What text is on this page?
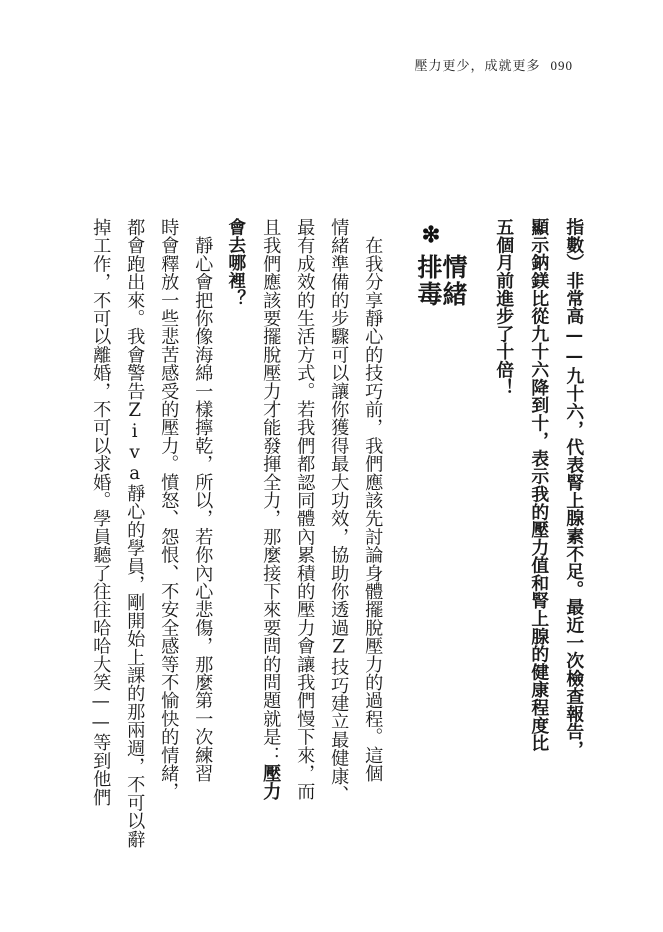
壓力更少，成就更多 090
指數）非常高——九十六，代表腎上腺素不足。最近一次檢查報告，
顯示鈉鎂比從九十六降到十，表示我的壓力值和腎上腺的健康程度比
五個月前進步了十倍！
❇
情緒排毒
　在我分享靜心的技巧前，我們應該先討論身體擺脫壓力的過程。這個
情緒準備的步驟可以讓你獲得最大功效，協助你透過Z技巧建立最健康、
最有成效的生活方式。若我們都認同體內累積的壓力會讓我們慢下來，而
且我們應該要擺脫壓力才能發揮全力，那麼接下來要問的問題就是：壓力
會去哪裡？
　靜心會把你像海綿一樣擰乾，所以，若你內心悲傷，那麼第一次練習
時會釋放一些悲苦感受的壓力。憤怒、怨恨、不安全感等不愉快的情緒，
都會跑出來。我會警告Ziva靜心的學員，剛開始上課的那兩週，不可以辭
掉工作，不可以離婚，不可以求婚。學員聽了往往哈哈大笑——等到他們
